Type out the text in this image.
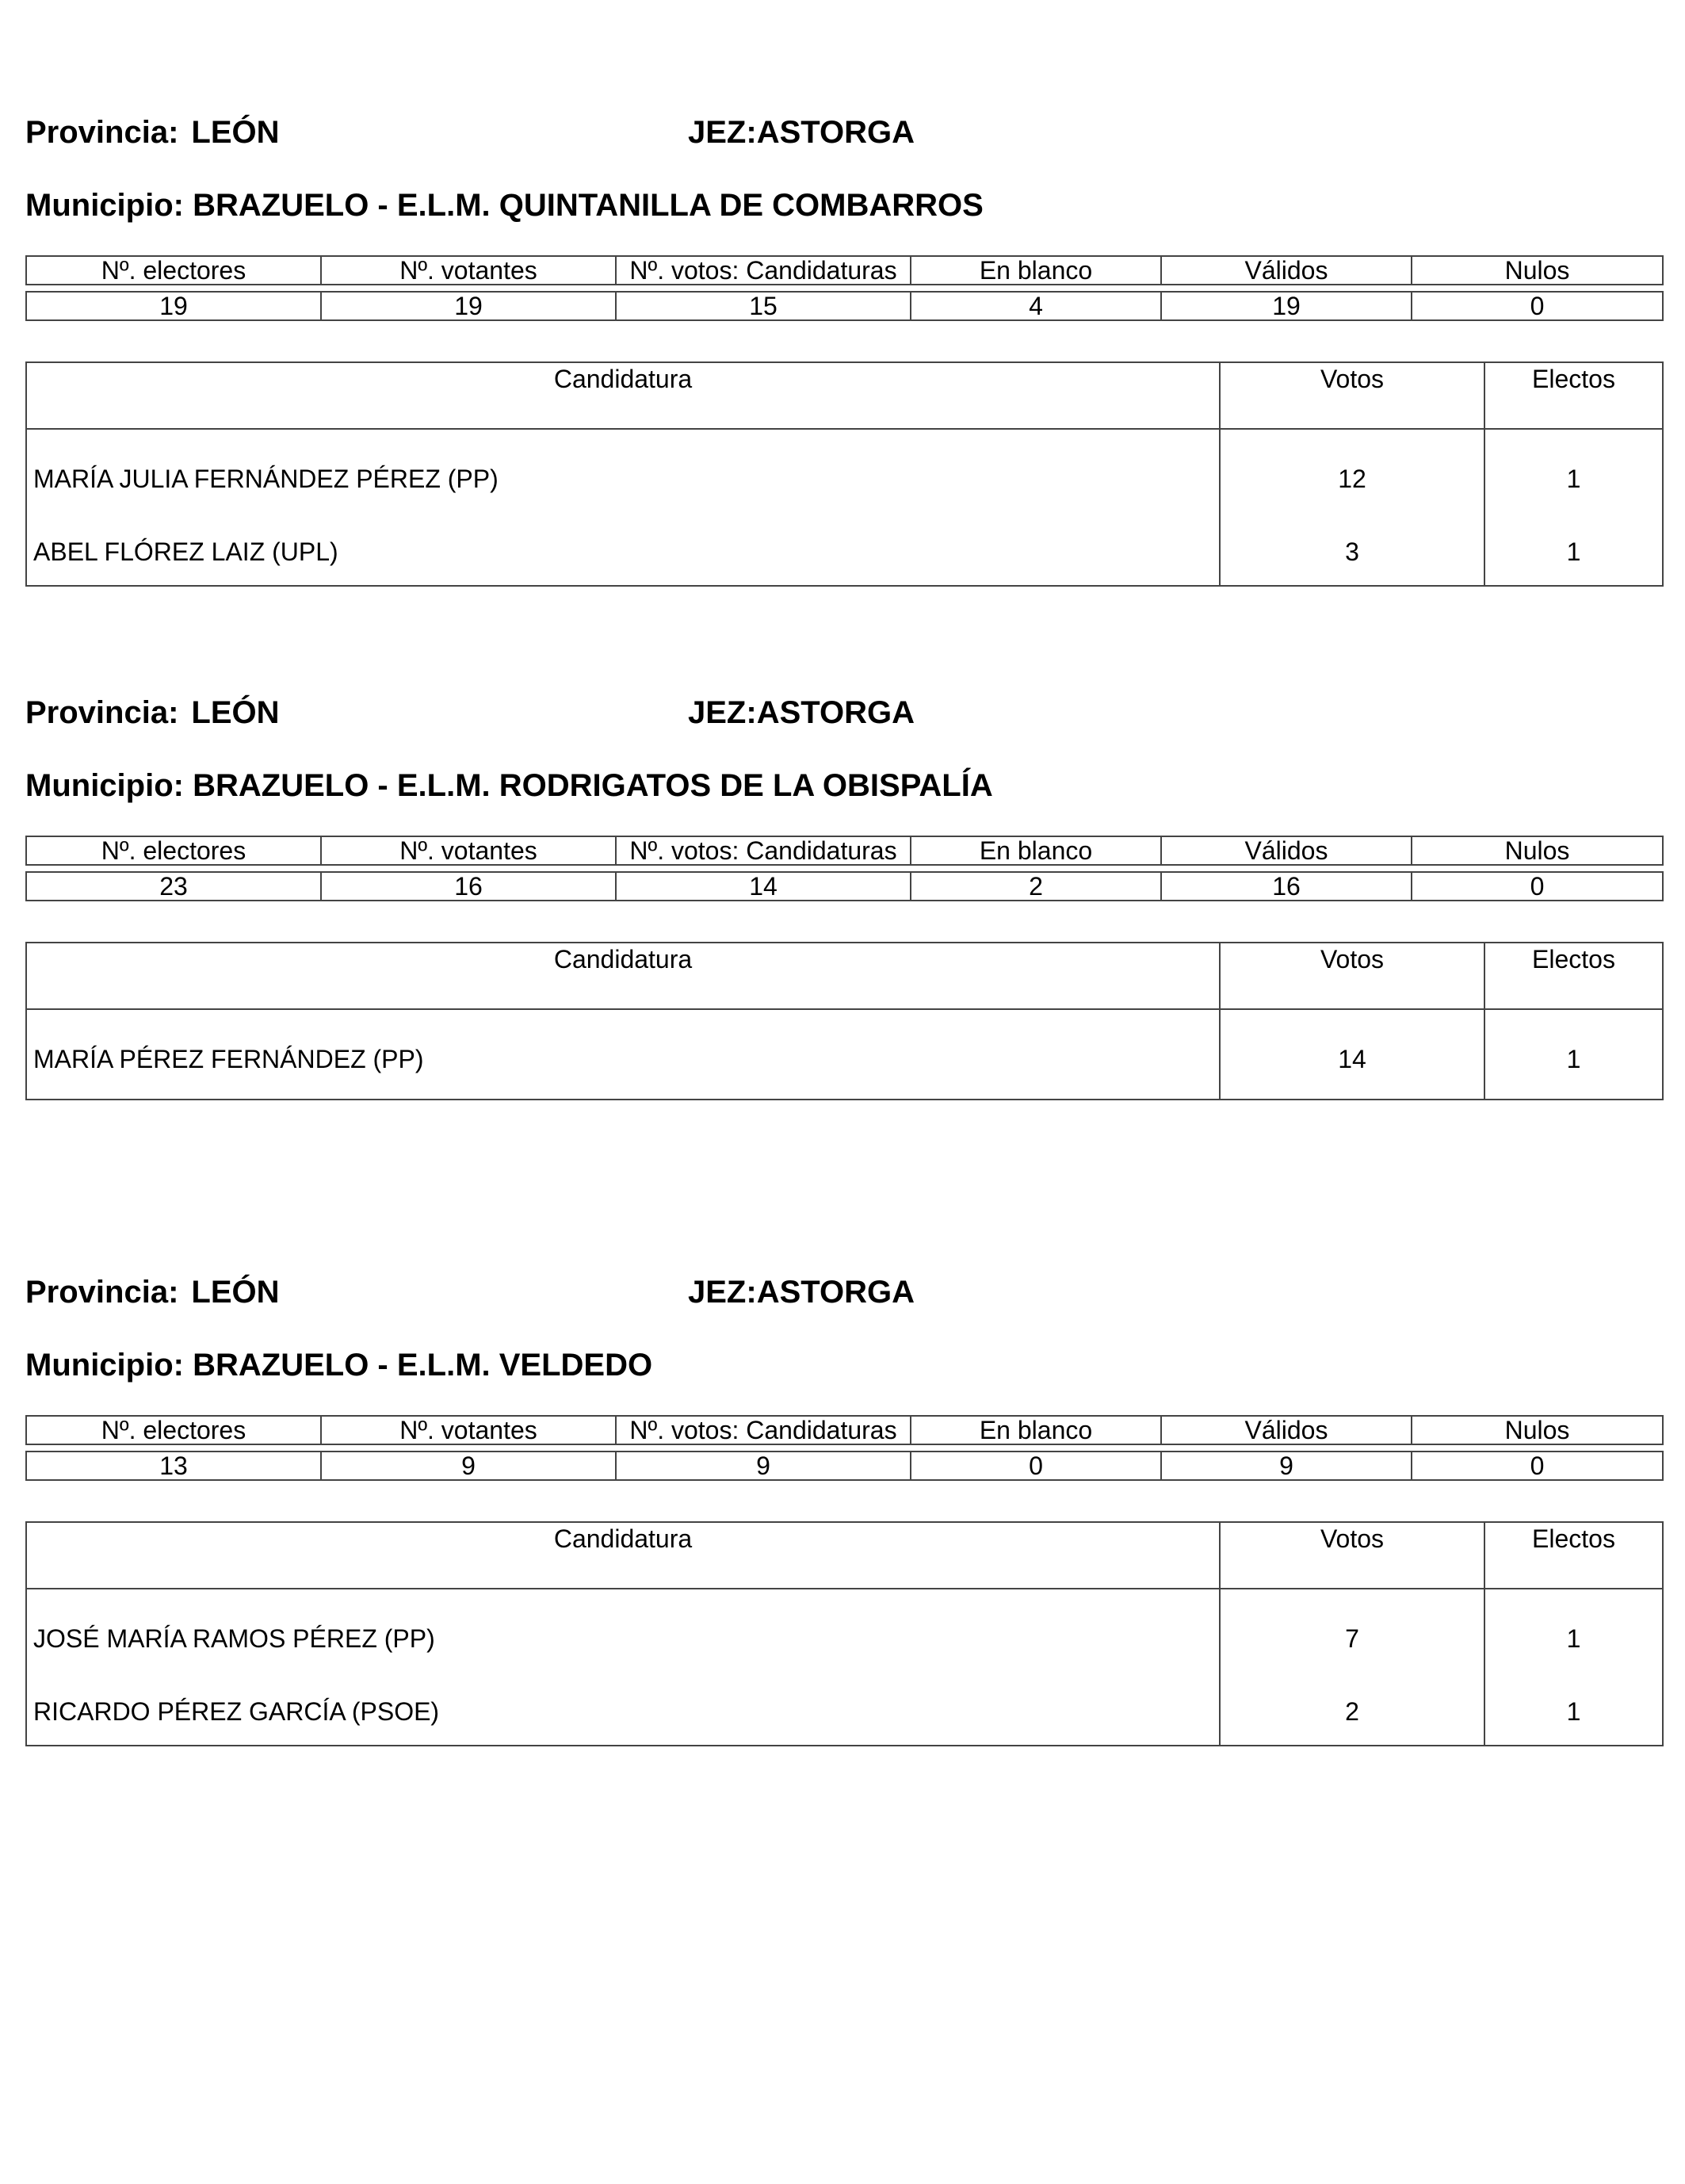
Provincia: LEÓN	JEZ:ASTORGA
Municipio: BRAZUELO - E.L.M. QUINTANILLA DE COMBARROS
Nº. electores	Nº. votantes	Nº. votos: Candidaturas	En blanco	Válidos	Nulos

19	19	15	4	19	0
Candidatura	Votos	Electos
MARÍA JULIA FERNÁNDEZ PÉREZ (PP)	12	1
ABEL FLÓREZ LAIZ (UPL)	3	1
Provincia: LEÓN	JEZ:ASTORGA
Municipio: BRAZUELO - E.L.M. RODRIGATOS DE LA OBISPALÍA
Nº. electores	Nº. votantes	Nº. votos: Candidaturas	En blanco	Válidos	Nulos

23	16	14	2	16	0
Candidatura	Votos	Electos
MARÍA PÉREZ FERNÁNDEZ (PP)	14	1
Provincia: LEÓN	JEZ:ASTORGA
Municipio: BRAZUELO - E.L.M. VELDEDO
Nº. electores	Nº. votantes	Nº. votos: Candidaturas	En blanco	Válidos	Nulos

13	9	9	0	9	0
Candidatura	Votos	Electos
JOSÉ MARÍA RAMOS PÉREZ (PP)	7	1
RICARDO PÉREZ GARCÍA (PSOE)	2	1
